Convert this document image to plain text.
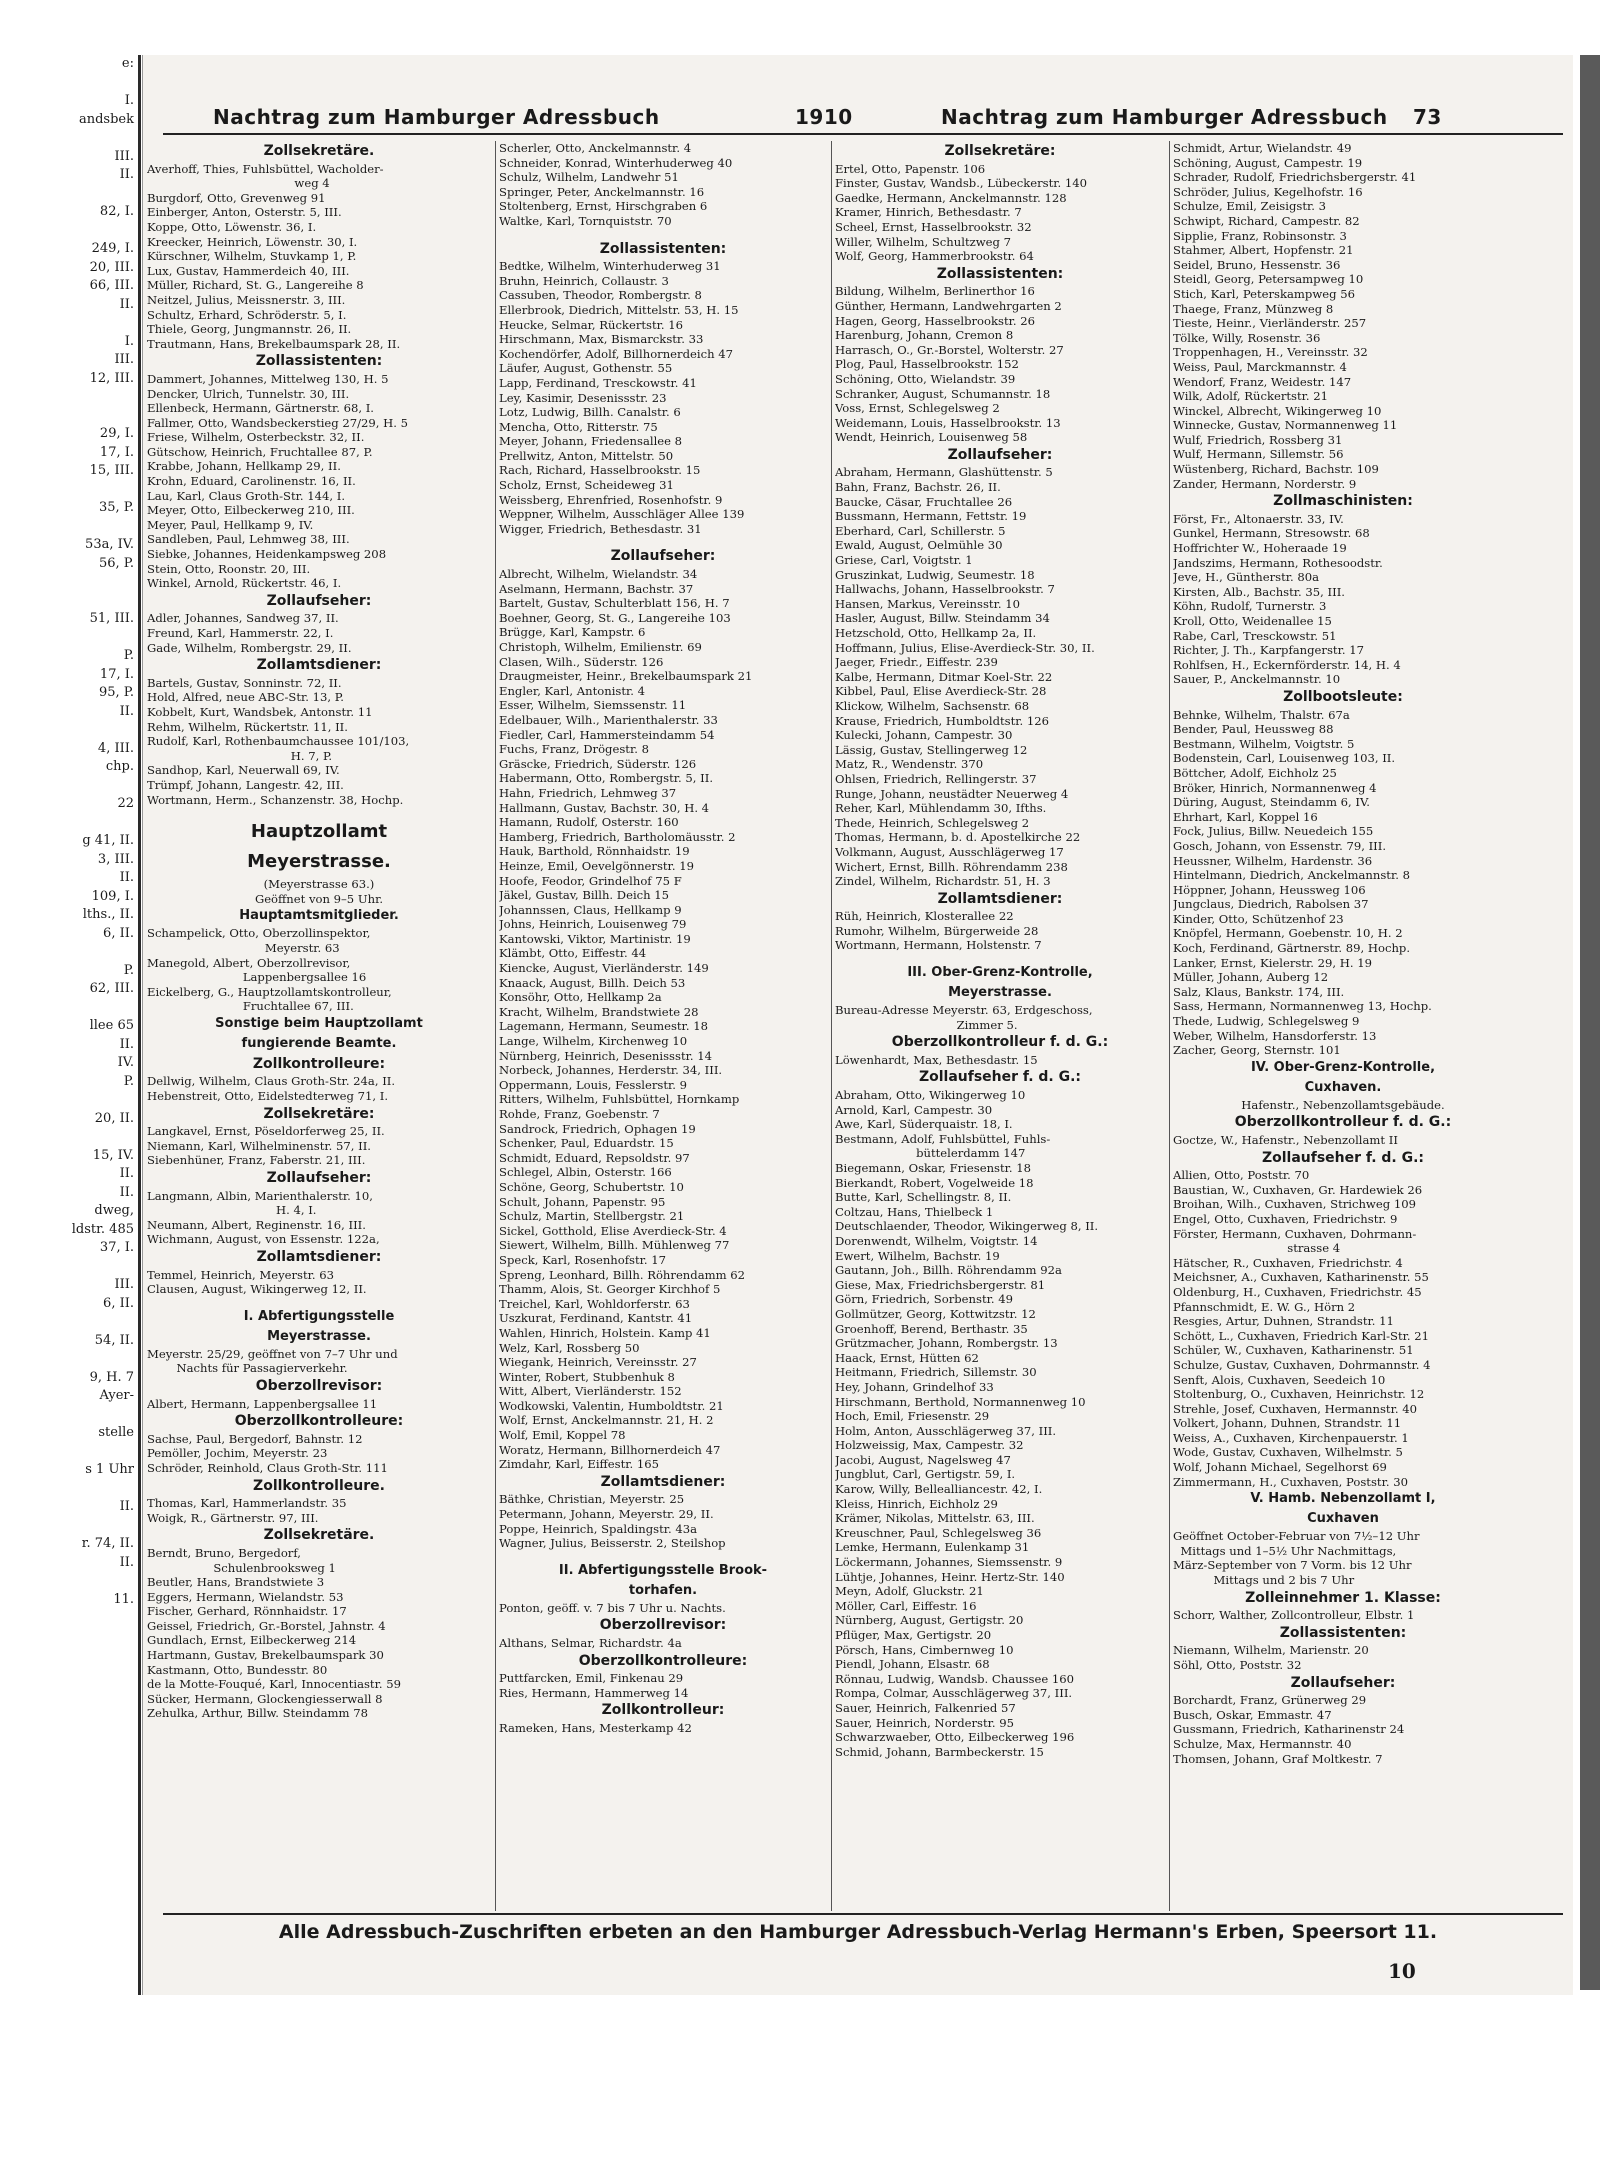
e:

I.
andsbek

III.
II.

82, I.

249, I.
20, III.
66, III.
II.

I.
III.
12, III.

29, I.
17, I.
15, III.

35, P.

53a, IV.
56, P.

51, III.

P.
17, I.
95, P.
II.

4, III.
chp.

22

g 41, II.
3, III.
II.
109, I.
lths., II.
6, II.

P.
62, III.

llee 65
II.
IV.
P.

20, II.

15, IV.
II.
II.
dweg,
ldstr. 485
37, I.

III.
6, II.

54, II.

9, H. 7
Ayer-

stelle

s 1 Uhr

II.

r. 74, II.
II.

11.
Nachtrag zum Hamburger Adressbuch	1910	Nachtrag zum Hamburger Adressbuch 73
Zollsekretäre.
Averhoff, Thies, Fuhlsbüttel, Wacholder-
weg 4
Burgdorf, Otto, Grevenweg 91
Einberger, Anton, Osterstr. 5, III.
Koppe, Otto, Löwenstr. 36, I.
Kreecker, Heinrich, Löwenstr. 30, I.
Kürschner, Wilhelm, Stuvkamp 1, P.
Lux, Gustav, Hammerdeich 40, III.
Müller, Richard, St. G., Langereihe 8
Neitzel, Julius, Meissnerstr. 3, III.
Schultz, Erhard, Schröderstr. 5, I.
Thiele, Georg, Jungmannstr. 26, II.
Trautmann, Hans, Brekelbaumspark 28, II.
Zollassistenten:
Dammert, Johannes, Mittelweg 130, H. 5
Dencker, Ulrich, Tunnelstr. 30, III.
Ellenbeck, Hermann, Gärtnerstr. 68, I.
Fallmer, Otto, Wandsbeckerstieg 27/29, H. 5
Friese, Wilhelm, Osterbeckstr. 32, II.
Gütschow, Heinrich, Fruchtallee 87, P.
Krabbe, Johann, Hellkamp 29, II.
Krohn, Eduard, Carolinenstr. 16, II.
Lau, Karl, Claus Groth-Str. 144, I.
Meyer, Otto, Eilbeckerweg 210, III.
Meyer, Paul, Hellkamp 9, IV.
Sandleben, Paul, Lehmweg 38, III.
Siebke, Johannes, Heidenkampsweg 208
Stein, Otto, Roonstr. 20, III.
Winkel, Arnold, Rückertstr. 46, I.
Zollaufseher:
Adler, Johannes, Sandweg 37, II.
Freund, Karl, Hammerstr. 22, I.
Gade, Wilhelm, Rombergstr. 29, II.
Zollamtsdiener:
Bartels, Gustav, Sonninstr. 72, II.
Hold, Alfred, neue ABC-Str. 13, P.
Kobbelt, Kurt, Wandsbek, Antonstr. 11
Rehm, Wilhelm, Rückertstr. 11, II.
Rudolf, Karl, Rothenbaumchaussee 101/103,
H. 7, P.
Sandhop, Karl, Neuerwall 69, IV.
Trümpf, Johann, Langestr. 42, III.
Wortmann, Herm., Schanzenstr. 38, Hochp.
Hauptzollamt
Meyerstrasse.
(Meyerstrasse 63.)
Geöffnet von 9–5 Uhr.
Hauptamtsmitglieder.
Schampelick, Otto, Oberzollinspektor,
Meyerstr. 63
Manegold, Albert, Oberzollrevisor,
Lappenbergsallee 16
Eickelberg, G., Hauptzollamtskontrolleur,
Fruchtallee 67, III.
Sonstige beim Hauptzollamt
fungierende Beamte.
Zollkontrolleure:
Dellwig, Wilhelm, Claus Groth-Str. 24a, II.
Hebenstreit, Otto, Eidelstedterweg 71, I.
Zollsekretäre:
Langkavel, Ernst, Pöseldorferweg 25, II.
Niemann, Karl, Wilhelminenstr. 57, II.
Siebenhüner, Franz, Faberstr. 21, III.
Zollaufseher:
Langmann, Albin, Marienthalerstr. 10,
H. 4, I.
Neumann, Albert, Reginenstr. 16, III.
Wichmann, August, von Essenstr. 122a,
Zollamtsdiener:
Temmel, Heinrich, Meyerstr. 63
Clausen, August, Wikingerweg 12, II.
I. Abfertigungsstelle
Meyerstrasse.
Meyerstr. 25/29, geöffnet von 7–7 Uhr und
Nachts für Passagierverkehr.
Oberzollrevisor:
Albert, Hermann, Lappenbergsallee 11
Oberzollkontrolleure:
Sachse, Paul, Bergedorf, Bahnstr. 12
Pemöller, Jochim, Meyerstr. 23
Schröder, Reinhold, Claus Groth-Str. 111
Zollkontrolleure.
Thomas, Karl, Hammerlandstr. 35
Woigk, R., Gärtnerstr. 97, III.
Zollsekretäre.
Berndt, Bruno, Bergedorf,
Schulenbrooksweg 1
Beutler, Hans, Brandstwiete 3
Eggers, Hermann, Wielandstr. 53
Fischer, Gerhard, Rönnhaidstr. 17
Geissel, Friedrich, Gr.-Borstel, Jahnstr. 4
Gundlach, Ernst, Eilbeckerweg 214
Hartmann, Gustav, Brekelbaumspark 30
Kastmann, Otto, Bundesstr. 80
de la Motte-Fouqué, Karl, Innocentiastr. 59
Sücker, Hermann, Glockengiesserwall 8
Zehulka, Arthur, Billw. Steindamm 78
Scherler, Otto, Anckelmannstr. 4
Schneider, Konrad, Winterhuderweg 40
Schulz, Wilhelm, Landwehr 51
Springer, Peter, Anckelmannstr. 16
Stoltenberg, Ernst, Hirschgraben 6
Waltke, Karl, Tornquiststr. 70
Zollassistenten:
Bedtke, Wilhelm, Winterhuderweg 31
Bruhn, Heinrich, Collaustr. 3
Cassuben, Theodor, Rombergstr. 8
Ellerbrook, Diedrich, Mittelstr. 53, H. 15
Heucke, Selmar, Rückertstr. 16
Hirschmann, Max, Bismarckstr. 33
Kochendörfer, Adolf, Billhornerdeich 47
Läufer, August, Gothenstr. 55
Lapp, Ferdinand, Tresckowstr. 41
Ley, Kasimir, Desenissstr. 23
Lotz, Ludwig, Billh. Canalstr. 6
Mencha, Otto, Ritterstr. 75
Meyer, Johann, Friedensallee 8
Prellwitz, Anton, Mittelstr. 50
Rach, Richard, Hasselbrookstr. 15
Scholz, Ernst, Scheideweg 31
Weissberg, Ehrenfried, Rosenhofstr. 9
Weppner, Wilhelm, Ausschläger Allee 139
Wigger, Friedrich, Bethesdastr. 31
Zollaufseher:
Albrecht, Wilhelm, Wielandstr. 34
Aselmann, Hermann, Bachstr. 37
Bartelt, Gustav, Schulterblatt 156, H. 7
Boehner, Georg, St. G., Langereihe 103
Brügge, Karl, Kampstr. 6
Christoph, Wilhelm, Emilienstr. 69
Clasen, Wilh., Süderstr. 126
Draugmeister, Heinr., Brekelbaumspark 21
Engler, Karl, Antonistr. 4
Esser, Wilhelm, Siemssenstr. 11
Edelbauer, Wilh., Marienthalerstr. 33
Fiedler, Carl, Hammersteindamm 54
Fuchs, Franz, Drögestr. 8
Gräscke, Friedrich, Süderstr. 126
Habermann, Otto, Rombergstr. 5, II.
Hahn, Friedrich, Lehmweg 37
Hallmann, Gustav, Bachstr. 30, H. 4
Hamann, Rudolf, Osterstr. 160
Hamberg, Friedrich, Bartholomäusstr. 2
Hauk, Barthold, Rönnhaidstr. 19
Heinze, Emil, Oevelgönnerstr. 19
Hoofe, Feodor, Grindelhof 75 F
Jäkel, Gustav, Billh. Deich 15
Johannssen, Claus, Hellkamp 9
Johns, Heinrich, Louisenweg 79
Kantowski, Viktor, Martinistr. 19
Klämbt, Otto, Eiffestr. 44
Kiencke, August, Vierländerstr. 149
Knaack, August, Billh. Deich 53
Konsöhr, Otto, Hellkamp 2a
Kracht, Wilhelm, Brandstwiete 28
Lagemann, Hermann, Seumestr. 18
Lange, Wilhelm, Kirchenweg 10
Nürnberg, Heinrich, Desenissstr. 14
Norbeck, Johannes, Herderstr. 34, III.
Oppermann, Louis, Fesslerstr. 9
Ritters, Wilhelm, Fuhlsbüttel, Hornkamp
Rohde, Franz, Goebenstr. 7
Sandrock, Friedrich, Ophagen 19
Schenker, Paul, Eduardstr. 15
Schmidt, Eduard, Repsoldstr. 97
Schlegel, Albin, Osterstr. 166
Schöne, Georg, Schubertstr. 10
Schult, Johann, Papenstr. 95
Schulz, Martin, Stellbergstr. 21
Sickel, Gotthold, Elise Averdieck-Str. 4
Siewert, Wilhelm, Billh. Mühlenweg 77
Speck, Karl, Rosenhofstr. 17
Spreng, Leonhard, Billh. Röhrendamm 62
Thamm, Alois, St. Georger Kirchhof 5
Treichel, Karl, Wohldorferstr. 63
Uszkurat, Ferdinand, Kantstr. 41
Wahlen, Hinrich, Holstein. Kamp 41
Welz, Karl, Rossberg 50
Wiegank, Heinrich, Vereinsstr. 27
Winter, Robert, Stubbenhuk 8
Witt, Albert, Vierländerstr. 152
Wodkowski, Valentin, Humboldtstr. 21
Wolf, Ernst, Anckelmannstr. 21, H. 2
Wolf, Emil, Koppel 78
Woratz, Hermann, Billhornerdeich 47
Zimdahr, Karl, Eiffestr. 165
Zollamtsdiener:
Bäthke, Christian, Meyerstr. 25
Petermann, Johann, Meyerstr. 29, II.
Poppe, Heinrich, Spaldingstr. 43a
Wagner, Julius, Beisserstr. 2, Steilshop
II. Abfertigungsstelle Brook-
torhafen.
Ponton, geöff. v. 7 bis 7 Uhr u. Nachts.
Oberzollrevisor:
Althans, Selmar, Richardstr. 4a
Oberzollkontrolleure:
Puttfarcken, Emil, Finkenau 29
Ries, Hermann, Hammerweg 14
Zollkontrolleur:
Rameken, Hans, Mesterkamp 42
Zollsekretäre:
Ertel, Otto, Papenstr. 106
Finster, Gustav, Wandsb., Lübeckerstr. 140
Gaedke, Hermann, Anckelmannstr. 128
Kramer, Hinrich, Bethesdastr. 7
Scheel, Ernst, Hasselbrookstr. 32
Willer, Wilhelm, Schultzweg 7
Wolf, Georg, Hammerbrookstr. 64
Zollassistenten:
Bildung, Wilhelm, Berlinerthor 16
Günther, Hermann, Landwehrgarten 2
Hagen, Georg, Hasselbrookstr. 26
Harenburg, Johann, Cremon 8
Harrasch, O., Gr.-Borstel, Wolterstr. 27
Plog, Paul, Hasselbrookstr. 152
Schöning, Otto, Wielandstr. 39
Schranker, August, Schumannstr. 18
Voss, Ernst, Schlegelsweg 2
Weidemann, Louis, Hasselbrookstr. 13
Wendt, Heinrich, Louisenweg 58
Zollaufseher:
Abraham, Hermann, Glashüttenstr. 5
Bahn, Franz, Bachstr. 26, II.
Baucke, Cäsar, Fruchtallee 26
Bussmann, Hermann, Fettstr. 19
Eberhard, Carl, Schillerstr. 5
Ewald, August, Oelmühle 30
Griese, Carl, Voigtstr. 1
Gruszinkat, Ludwig, Seumestr. 18
Hallwachs, Johann, Hasselbrookstr. 7
Hansen, Markus, Vereinsstr. 10
Hasler, August, Billw. Steindamm 34
Hetzschold, Otto, Hellkamp 2a, II.
Hoffmann, Julius, Elise-Averdieck-Str. 30, II.
Jaeger, Friedr., Eiffestr. 239
Kalbe, Hermann, Ditmar Koel-Str. 22
Kibbel, Paul, Elise Averdieck-Str. 28
Klickow, Wilhelm, Sachsenstr. 68
Krause, Friedrich, Humboldtstr. 126
Kulecki, Johann, Campestr. 30
Lässig, Gustav, Stellingerweg 12
Matz, R., Wendenstr. 370
Ohlsen, Friedrich, Rellingerstr. 37
Runge, Johann, neustädter Neuerweg 4
Reher, Karl, Mühlendamm 30, Ifths.
Thede, Heinrich, Schlegelsweg 2
Thomas, Hermann, b. d. Apostelkirche 22
Volkmann, August, Ausschlägerweg 17
Wichert, Ernst, Billh. Röhrendamm 238
Zindel, Wilhelm, Richardstr. 51, H. 3
Zollamtsdiener:
Rüh, Heinrich, Klosterallee 22
Rumohr, Wilhelm, Bürgerweide 28
Wortmann, Hermann, Holstenstr. 7
III. Ober-Grenz-Kontrolle,
Meyerstrasse.
Bureau-Adresse Meyerstr. 63, Erdgeschoss,
Zimmer 5.
Oberzollkontrolleur f. d. G.:
Löwenhardt, Max, Bethesdastr. 15
Zollaufseher f. d. G.:
Abraham, Otto, Wikingerweg 10
Arnold, Karl, Campestr. 30
Awe, Karl, Süderquaistr. 18, I.
Bestmann, Adolf, Fuhlsbüttel, Fuhls-
büttelerdamm 147
Biegemann, Oskar, Friesenstr. 18
Bierkandt, Robert, Vogelweide 18
Butte, Karl, Schellingstr. 8, II.
Coltzau, Hans, Thielbeck 1
Deutschlaender, Theodor, Wikingerweg 8, II.
Dorenwendt, Wilhelm, Voigtstr. 14
Ewert, Wilhelm, Bachstr. 19
Gautann, Joh., Billh. Röhrendamm 92a
Giese, Max, Friedrichsbergerstr. 81
Görn, Friedrich, Sorbenstr. 49
Gollmützer, Georg, Kottwitzstr. 12
Groenhoff, Berend, Berthastr. 35
Grützmacher, Johann, Rombergstr. 13
Haack, Ernst, Hütten 62
Heitmann, Friedrich, Sillemstr. 30
Hey, Johann, Grindelhof 33
Hirschmann, Berthold, Normannenweg 10
Hoch, Emil, Friesenstr. 29
Holm, Anton, Ausschlägerweg 37, III.
Holzweissig, Max, Campestr. 32
Jacobi, August, Nagelsweg 47
Jungblut, Carl, Gertigstr. 59, I.
Karow, Willy, Bellealliancestr. 42, I.
Kleiss, Hinrich, Eichholz 29
Krämer, Nikolas, Mittelstr. 63, III.
Kreuschner, Paul, Schlegelsweg 36
Lemke, Hermann, Eulenkamp 31
Löckermann, Johannes, Siemssenstr. 9
Lühtje, Johannes, Heinr. Hertz-Str. 140
Meyn, Adolf, Gluckstr. 21
Möller, Carl, Eiffestr. 16
Nürnberg, August, Gertigstr. 20
Pflüger, Max, Gertigstr. 20
Pörsch, Hans, Cimbernweg 10
Piendl, Johann, Elsastr. 68
Rönnau, Ludwig, Wandsb. Chaussee 160
Rompa, Colmar, Ausschlägerweg 37, III.
Sauer, Heinrich, Falkenried 57
Sauer, Heinrich, Norderstr. 95
Schwarzwaeber, Otto, Eilbeckerweg 196
Schmid, Johann, Barmbeckerstr. 15
Schmidt, Artur, Wielandstr. 49
Schöning, August, Campestr. 19
Schrader, Rudolf, Friedrichsbergerstr. 41
Schröder, Julius, Kegelhofstr. 16
Schulze, Emil, Zeisigstr. 3
Schwipt, Richard, Campestr. 82
Sipplie, Franz, Robinsonstr. 3
Stahmer, Albert, Hopfenstr. 21
Seidel, Bruno, Hessenstr. 36
Steidl, Georg, Petersampweg 10
Stich, Karl, Peterskampweg 56
Thaege, Franz, Münzweg 8
Tieste, Heinr., Vierländerstr. 257
Tölke, Willy, Rosenstr. 36
Troppenhagen, H., Vereinsstr. 32
Weiss, Paul, Marckmannstr. 4
Wendorf, Franz, Weidestr. 147
Wilk, Adolf, Rückertstr. 21
Winckel, Albrecht, Wikingerweg 10
Winnecke, Gustav, Normannenweg 11
Wulf, Friedrich, Rossberg 31
Wulf, Hermann, Sillemstr. 56
Wüstenberg, Richard, Bachstr. 109
Zander, Hermann, Norderstr. 9
Zollmaschinisten:
Först, Fr., Altonaerstr. 33, IV.
Gunkel, Hermann, Stresowstr. 68
Hoffrichter W., Hoheraade 19
Jandszims, Hermann, Rothesoodstr.
Jeve, H., Güntherstr. 80a
Kirsten, Alb., Bachstr. 35, III.
Köhn, Rudolf, Turnerstr. 3
Kroll, Otto, Weidenallee 15
Rabe, Carl, Tresckowstr. 51
Richter, J. Th., Karpfangerstr. 17
Rohlfsen, H., Eckernförderstr. 14, H. 4
Sauer, P., Anckelmannstr. 10
Zollbootsleute:
Behnke, Wilhelm, Thalstr. 67a
Bender, Paul, Heussweg 88
Bestmann, Wilhelm, Voigtstr. 5
Bodenstein, Carl, Louisenweg 103, II.
Böttcher, Adolf, Eichholz 25
Bröker, Hinrich, Normannenweg 4
Düring, August, Steindamm 6, IV.
Ehrhart, Karl, Koppel 16
Fock, Julius, Billw. Neuedeich 155
Gosch, Johann, von Essenstr. 79, III.
Heussner, Wilhelm, Hardenstr. 36
Hintelmann, Diedrich, Anckelmannstr. 8
Höppner, Johann, Heussweg 106
Jungclaus, Diedrich, Rabolsen 37
Kinder, Otto, Schützenhof 23
Knöpfel, Hermann, Goebenstr. 10, H. 2
Koch, Ferdinand, Gärtnerstr. 89, Hochp.
Lanker, Ernst, Kielerstr. 29, H. 19
Müller, Johann, Auberg 12
Salz, Klaus, Bankstr. 174, III.
Sass, Hermann, Normannenweg 13, Hochp.
Thede, Ludwig, Schlegelsweg 9
Weber, Wilhelm, Hansdorferstr. 13
Zacher, Georg, Sternstr. 101
IV. Ober-Grenz-Kontrolle,
Cuxhaven.
Hafenstr., Nebenzollamtsgebäude.
Oberzollkontrolleur f. d. G.:
Goctze, W., Hafenstr., Nebenzollamt II
Zollaufseher f. d. G.:
Allien, Otto, Poststr. 70
Baustian, W., Cuxhaven, Gr. Hardewiek 26
Broihan, Wilh., Cuxhaven, Strichweg 109
Engel, Otto, Cuxhaven, Friedrichstr. 9
Förster, Hermann, Cuxhaven, Dohrmann-
strasse 4
Hätscher, R., Cuxhaven, Friedrichstr. 4
Meichsner, A., Cuxhaven, Katharinenstr. 55
Oldenburg, H., Cuxhaven, Friedrichstr. 45
Pfannschmidt, E. W. G., Hörn 2
Resgies, Artur, Duhnen, Strandstr. 11
Schött, L., Cuxhaven, Friedrich Karl-Str. 21
Schüler, W., Cuxhaven, Katharinenstr. 51
Schulze, Gustav, Cuxhaven, Dohrmannstr. 4
Senft, Alois, Cuxhaven, Seedeich 10
Stoltenburg, O., Cuxhaven, Heinrichstr. 12
Strehle, Josef, Cuxhaven, Hermannstr. 40
Volkert, Johann, Duhnen, Strandstr. 11
Weiss, A., Cuxhaven, Kirchenpauerstr. 1
Wode, Gustav, Cuxhaven, Wilhelmstr. 5
Wolf, Johann Michael, Segelhorst 69
Zimmermann, H., Cuxhaven, Poststr. 30
V. Hamb. Nebenzollamt I,
Cuxhaven
Geöffnet October-Februar von 7½–12 Uhr
Mittags und 1–5½ Uhr Nachmittags,
März-September von 7 Vorm. bis 12 Uhr
Mittags und 2 bis 7 Uhr
Zolleinnehmer 1. Klasse:
Schorr, Walther, Zollcontrolleur, Elbstr. 1
Zollassistenten:
Niemann, Wilhelm, Marienstr. 20
Söhl, Otto, Poststr. 32
Zollaufseher:
Borchardt, Franz, Grünerweg 29
Busch, Oskar, Emmastr. 47
Gussmann, Friedrich, Katharinenstr 24
Schulze, Max, Hermannstr. 40
Thomsen, Johann, Graf Moltkestr. 7
Alle Adressbuch-Zuschriften erbeten an den Hamburger Adressbuch-Verlag Hermann's Erben, Speersort 11.
10
